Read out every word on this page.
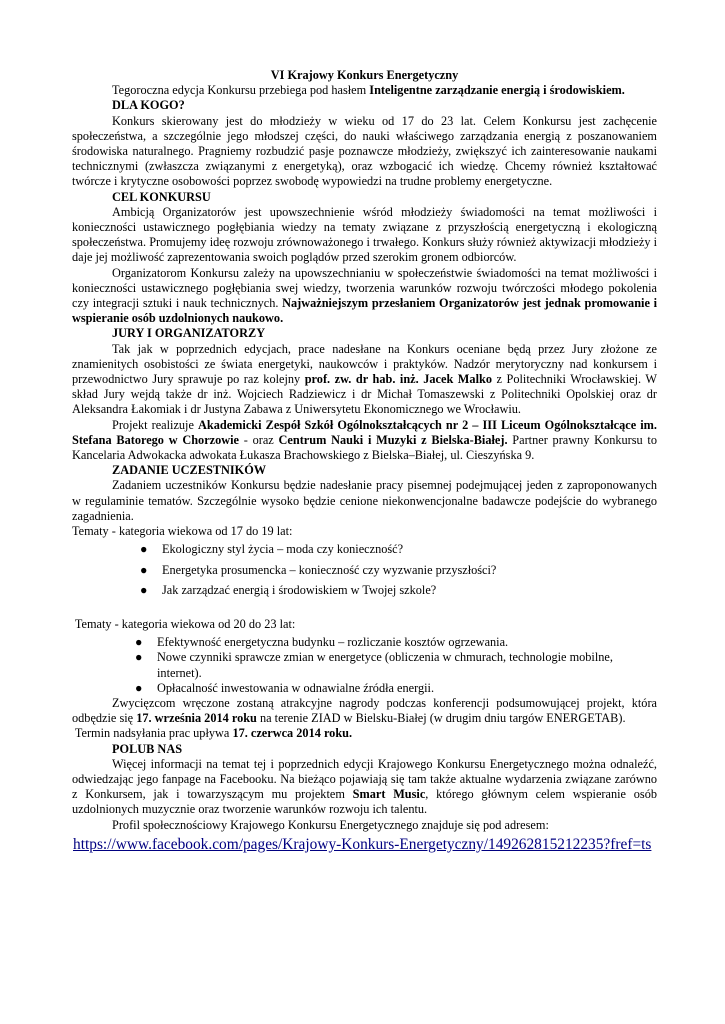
VI Krajowy Konkurs Energetyczny

Tegoroczna edycja Konkursu przebiega pod hasłem Inteligentne zarządzanie energią i środowiskiem.

DLA KOGO?

Konkurs skierowany jest do młodzieży w wieku od 17 do 23 lat. Celem Konkursu jest zachęcenie społeczeństwa, a szczególnie jego młodszej części, do nauki właściwego zarządzania energią z poszanowaniem środowiska naturalnego. Pragniemy rozbudzić pasje poznawcze młodzieży, zwiększyć ich zainteresowanie naukami technicznymi (zwłaszcza związanymi z energetyką), oraz wzbogacić ich wiedzę. Chcemy również kształtować twórcze i krytyczne osobowości poprzez swobodę wypowiedzi na trudne problemy energetyczne.

CEL KONKURSU

Ambicją Organizatorów jest upowszechnienie wśród młodzieży świadomości na temat możliwości i konieczności ustawicznego pogłębiania wiedzy na tematy związane z przyszłością energetyczną i ekologiczną społeczeństwa. Promujemy ideę rozwoju zrównoważonego i trwałego. Konkurs służy również aktywizacji młodzieży i daje jej możliwość zaprezentowania swoich poglądów przed szerokim gronem odbiorców.

Organizatorom Konkursu zależy na upowszechnianiu w społeczeństwie świadomości na temat możliwości i konieczności ustawicznego pogłębiania swej wiedzy, tworzenia warunków rozwoju twórczości młodego pokolenia czy integracji sztuki i nauk technicznych. Najważniejszym przesłaniem Organizatorów jest jednak promowanie i wspieranie osób uzdolnionych naukowo.

JURY I ORGANIZATORZY

Tak jak w poprzednich edycjach, prace nadesłane na Konkurs oceniane będą przez Jury złożone ze znamienitych osobistości ze świata energetyki, naukowców i praktyków. Nadzór merytoryczny nad konkursem i przewodnictwo Jury sprawuje po raz kolejny prof. zw. dr hab. inż. Jacek Malko z Politechniki Wrocławskiej. W skład Jury wejdą także dr inż. Wojciech Radziewicz i dr Michał Tomaszewski z Politechniki Opolskiej oraz dr Aleksandra Łakomiak i dr Justyna Zabawa z Uniwersytetu Ekonomicznego we Wrocławiu.

Projekt realizuje Akademicki Zespół Szkół Ogólnokształcących nr 2 – III Liceum Ogólnokształcące im. Stefana Batorego w Chorzowie - oraz Centrum Nauki i Muzyki z Bielska-Białej. Partner prawny Konkursu to Kancelaria Adwokacka adwokata Łukasza Brachowskiego z Bielska–Białej, ul. Cieszyńska 9.

ZADANIE UCZESTNIKÓW

Zadaniem uczestników Konkursu będzie nadesłanie pracy pisemnej podejmującej jeden z zaproponowanych w regulaminie tematów. Szczególnie wysoko będzie cenione niekonwencjonalne badawcze podejście do wybranego zagadnienia.

Tematy - kategoria wiekowa od 17 do 19 lat:

● Ekologiczny styl życia – moda czy konieczność?
● Energetyka prosumencka – konieczność czy wyzwanie przyszłości?
● Jak zarządzać energią i środowiskiem w Twojej szkole?

Tematy - kategoria wiekowa od 20 do 23 lat:

● Efektywność energetyczna budynku – rozliczanie kosztów ogrzewania.
● Nowe czynniki sprawcze zmian w energetyce (obliczenia w chmurach, technologie mobilne, internet).
● Opłacalność inwestowania w odnawialne źródła energii.

Zwycięzcom wręczone zostaną atrakcyjne nagrody podczas konferencji podsumowującej projekt, która odbędzie się 17. września 2014 roku na terenie ZIAD w Bielsku-Białej (w drugim dniu targów ENERGETAB).

Termin nadsyłania prac upływa 17. czerwca 2014 roku.

POLUB NAS

Więcej informacji na temat tej i poprzednich edycji Krajowego Konkursu Energetycznego można odnaleźć, odwiedzając jego fanpage na Facebooku. Na bieżąco pojawiają się tam także aktualne wydarzenia związane zarówno z Konkursem, jak i towarzyszącym mu projektem Smart Music, którego głównym celem wspieranie osób uzdolnionych muzycznie oraz tworzenie warunków rozwoju ich talentu.

Profil społecznościowy Krajowego Konkursu Energetycznego znajduje się pod adresem:

https://www.facebook.com/pages/Krajowy-Konkurs-Energetyczny/149262815212235?fref=ts
